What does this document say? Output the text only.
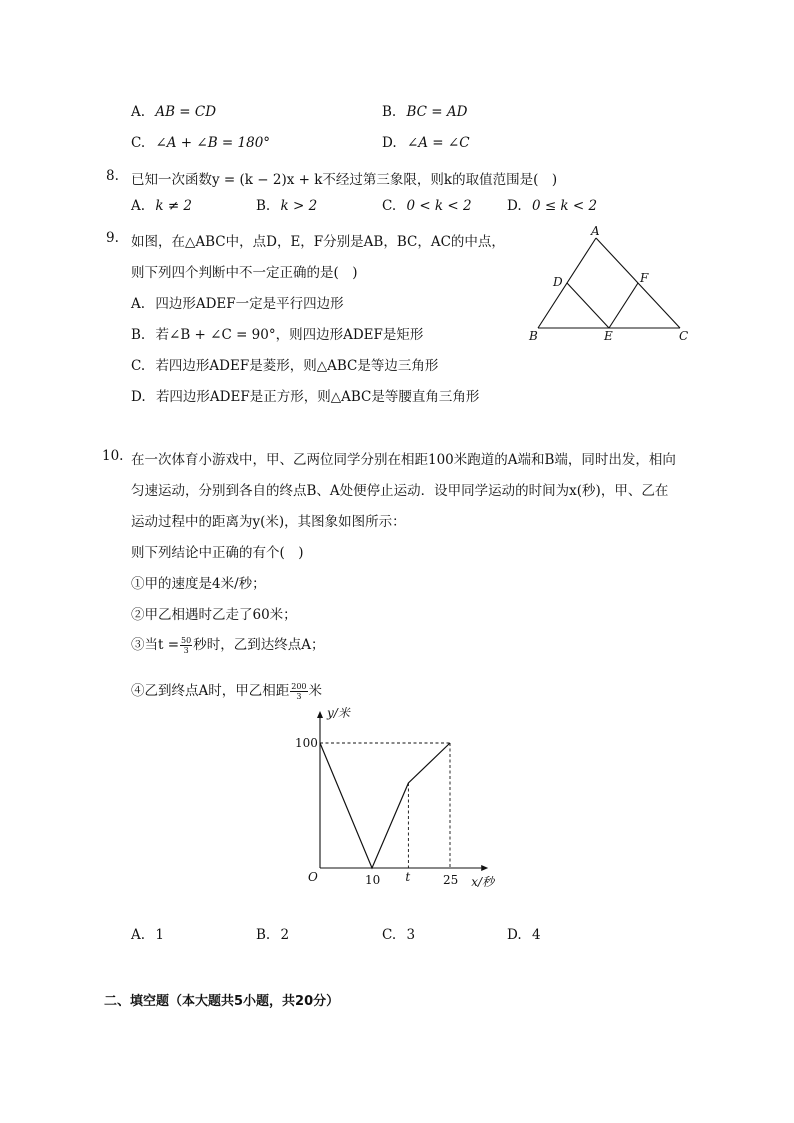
A. AB = CD	B. BC = AD
C. ∠A + ∠B = 180°	D. ∠A = ∠C
8. 已知一次函数y = (k − 2)x + k不经过第三象限，则k的取值范围是(　)
A. k ≠ 2	B. k > 2	C. 0 < k < 2	D. 0 ≤ k < 2
9. 如图，在△ABC中，点D，E，F分别是AB，BC，AC的中点，
则下列四个判断中不一定正确的是(　)
A. 四边形ADEF一定是平行四边形
B. 若∠B + ∠C = 90°，则四边形ADEF是矩形
C. 若四边形ADEF是菱形，则△ABC是等边三角形
D. 若四边形ADEF是正方形，则△ABC是等腰直角三角形
A
B	C
D
E
F
10. 在一次体育小游戏中，甲、乙两位同学分别在相距100米跑道的A端和B端，同时出发，相向
匀速运动，分别到各自的终点B、A处便停止运动．设甲同学运动的时间为x(秒)，甲、乙在
运动过程中的距离为y(米)，其图象如图所示：
则下列结论中正确的有个(　)
①甲的速度是4米/秒；
②甲乙相遇时乙走了60米；
③当$t = \frac{50}{3}$ 秒时，乙到达终点A；
④乙到终点A时，甲乙相距 $\frac{200}{3}$ 米
O	10 t	25
100
y/米
x/秒
A. 1	B. 2	C. 3	D. 4
二、填空题（本大题共5小题，共20分）
